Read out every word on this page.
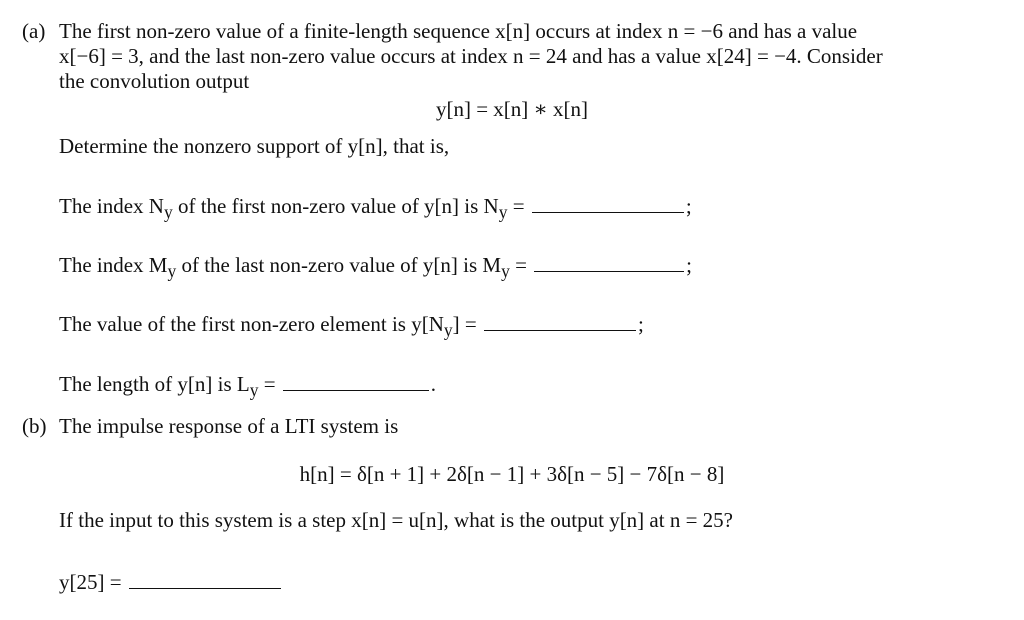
(a) The first non-zero value of a finite-length sequence x[n] occurs at index n = −6 and has a value
x[−6] = 3, and the last non-zero value occurs at index n = 24 and has a value x[24] = −4. Consider
the convolution output
y[n] = x[n] ∗ x[n]
Determine the nonzero support of y[n], that is,
The index $N_y$ of the first non-zero value of y[n] is $N_y$ =	;
The index $M_y$ of the last non-zero value of y[n] is $M_y$ =	;
The value of the first non-zero element is $y[N_y]$ =	;
The length of y[n] is $L_y$ =	.
(b) The impulse response of a LTI system is
h[n] = δ[n + 1] + 2δ[n − 1] + 3δ[n − 5] − 7δ[n − 8]
If the input to this system is a step x[n] = u[n], what is the output y[n] at n = 25?
y[25] =
